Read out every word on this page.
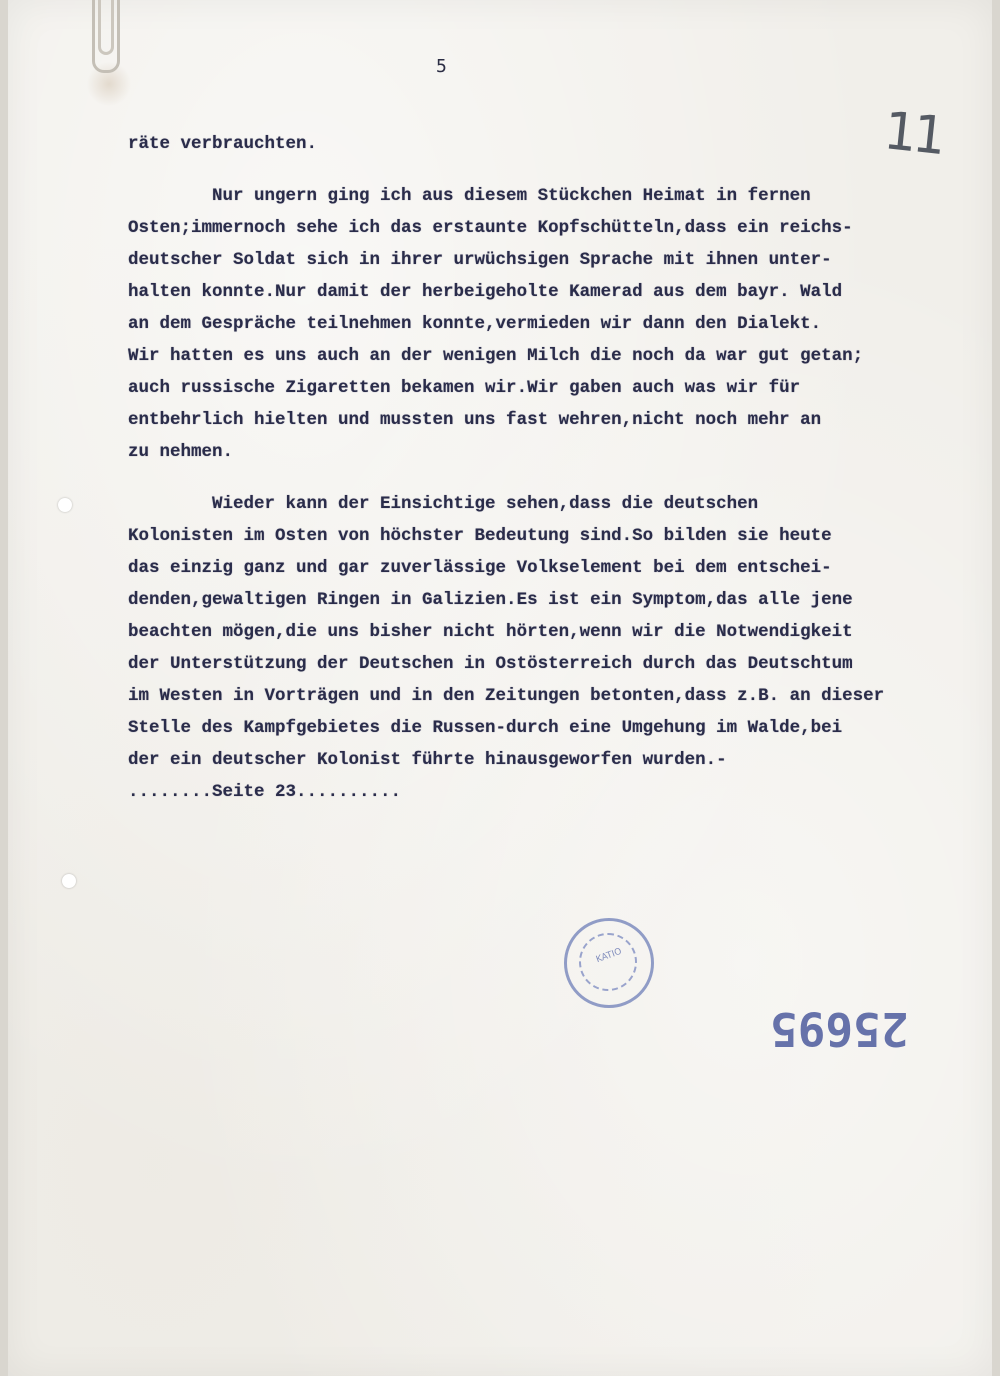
5
11
räte verbrauchten.
Nur ungern ging ich aus diesem Stückchen Heimat in fernen
Osten;immernoch sehe ich das erstaunte Kopfschütteln,dass ein reichs-
deutscher Soldat sich in ihrer urwüchsigen Sprache mit ihnen unter-
halten konnte.Nur damit der herbeigeholte Kamerad aus dem bayr. Wald
an dem Gespräche teilnehmen konnte,vermieden wir dann den Dialekt.
Wir hatten es uns auch an der wenigen Milch die noch da war gut getan;
auch russische Zigaretten bekamen wir.Wir gaben auch was wir für
entbehrlich hielten und mussten uns fast wehren,nicht noch mehr an
zu nehmen.
Wieder kann der Einsichtige sehen,dass die deutschen
Kolonisten im Osten von höchster Bedeutung sind.So bilden sie heute
das einzig ganz und gar zuverlässige Volkselement bei dem entschei-
denden,gewaltigen Ringen in Galizien.Es ist ein Symptom,das alle jene
beachten mögen,die uns bisher nicht hörten,wenn wir die Notwendigkeit
der Unterstützung der Deutschen in Ostösterreich durch das Deutschtum
im Westen in Vorträgen und in den Zeitungen betonten,dass z.B. an dieser
Stelle des Kampfgebietes die Russen-durch eine Umgehung im Walde,bei
der ein deutscher Kolonist führte hinausgeworfen wurden.-
........Seite 23..........
KATIO
25695
